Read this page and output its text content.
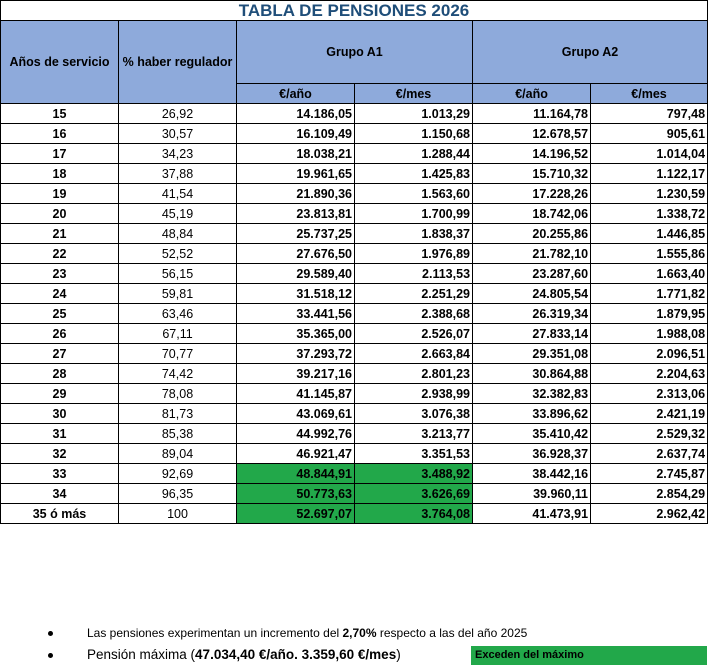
TABLA DE PENSIONES 2026
Años de servicio	% haber regulador	Grupo A1		Grupo A2	
		€/año	€/mes	€/año	€/mes
15	26,92	14.186,05	1.013,29	11.164,78	797,48
16	30,57	16.109,49	1.150,68	12.678,57	905,61
17	34,23	18.038,21	1.288,44	14.196,52	1.014,04
18	37,88	19.961,65	1.425,83	15.710,32	1.122,17
19	41,54	21.890,36	1.563,60	17.228,26	1.230,59
20	45,19	23.813,81	1.700,99	18.742,06	1.338,72
21	48,84	25.737,25	1.838,37	20.255,86	1.446,85
22	52,52	27.676,50	1.976,89	21.782,10	1.555,86
23	56,15	29.589,40	2.113,53	23.287,60	1.663,40
24	59,81	31.518,12	2.251,29	24.805,54	1.771,82
25	63,46	33.441,56	2.388,68	26.319,34	1.879,95
26	67,11	35.365,00	2.526,07	27.833,14	1.988,08
27	70,77	37.293,72	2.663,84	29.351,08	2.096,51
28	74,42	39.217,16	2.801,23	30.864,88	2.204,63
29	78,08	41.145,87	2.938,99	32.382,83	2.313,06
30	81,73	43.069,61	3.076,38	33.896,62	2.421,19
31	85,38	44.992,76	3.213,77	35.410,42	2.529,32
32	89,04	46.921,47	3.351,53	36.928,37	2.637,74
33	92,69	48.844,91	3.488,92	38.442,16	2.745,87
34	96,35	50.773,63	3.626,69	39.960,11	2.854,29
35 ó más	100	52.697,07	3.764,08	41.473,91	2.962,42
Las pensiones experimentan un incremento del 2,70% respecto a las del año 2025
Pensión máxima (47.034,40 €/año. 3.359,60 €/mes)	Exceden del máximo
